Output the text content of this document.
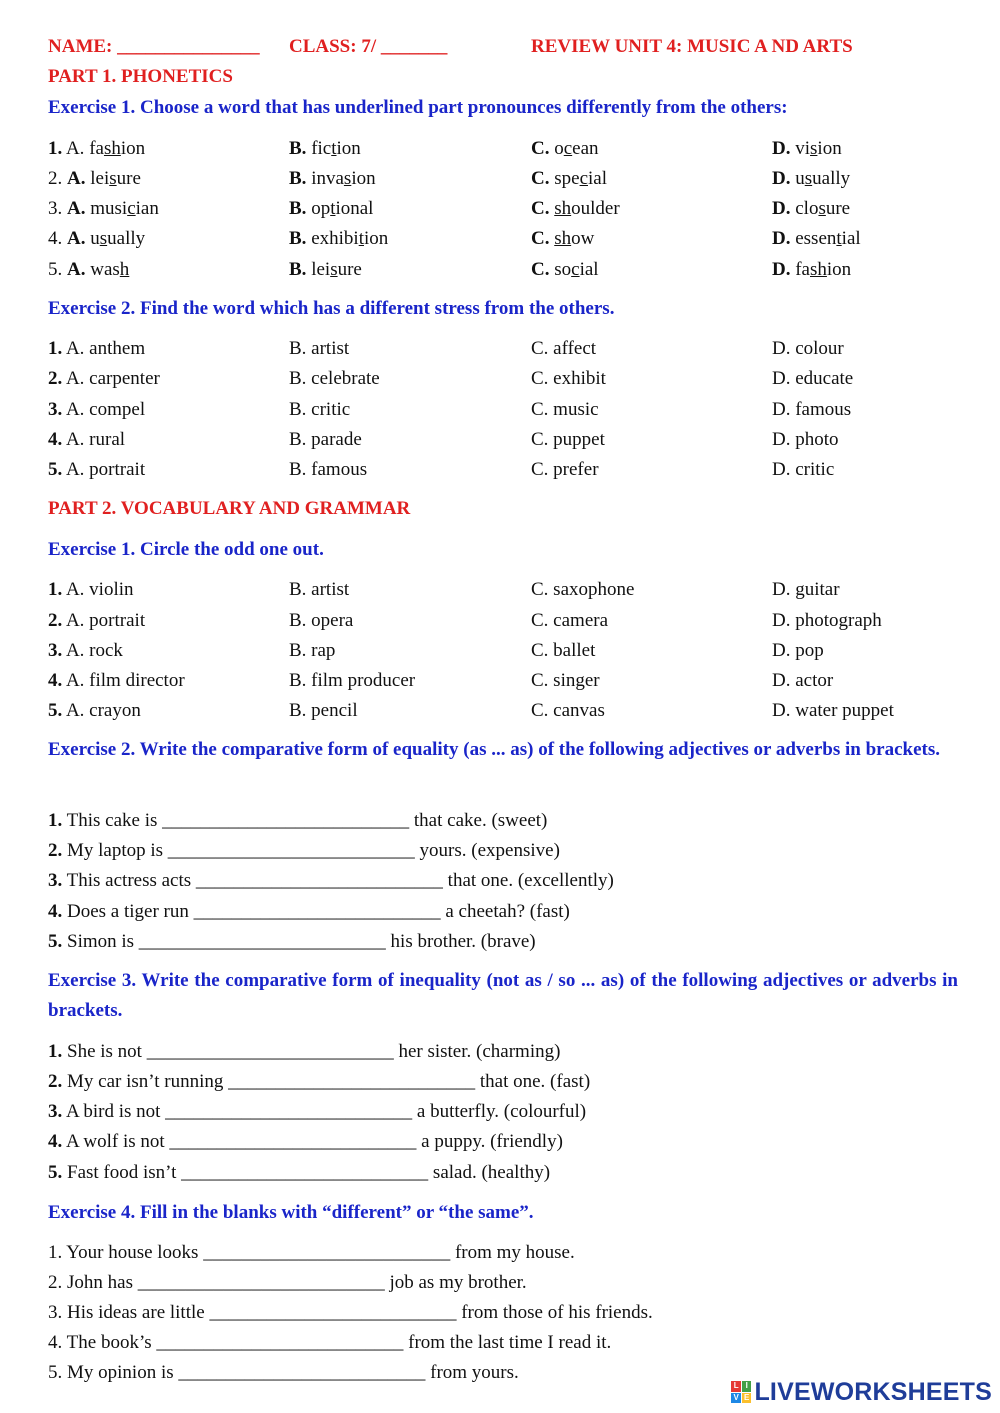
NAME: _______________ CLASS: 7/ _______	REVIEW UNIT 4: MUSIC A ND ARTS
PART 1. PHONETICS
Exercise 1. Choose a word that has underlined part pronounces differently from the others:
1. A. fashion	B. fiction	C. ocean	D. vision
2. A. leisure	B. invasion	C. special	D. usually
3. A. musician	B. optional	C. shoulder	D. closure
4. A. usually	B. exhibition	C. show	D. essential
5. A. wash	B. leisure	C. social	D. fashion
Exercise 2. Find the word which has a different stress from the others.
1. A. anthem	B. artist	C. affect	D. colour
2. A. carpenter	B. celebrate	C. exhibit	D. educate
3. A. compel	B. critic	C. music	D. famous
4. A. rural	B. parade	C. puppet	D. photo
5. A. portrait	B. famous	C. prefer	D. critic
PART 2. VOCABULARY AND GRAMMAR
Exercise 1. Circle the odd one out.
1. A. violin	B. artist	C. saxophone	D. guitar
2. A. portrait	B. opera	C. camera	D. photograph
3. A. rock	B. rap	C. ballet	D. pop
4. A. film director	B. film producer	C. singer	D. actor
5. A. crayon	B. pencil	C. canvas	D. water puppet
Exercise 2. Write the comparative form of equality (as ... as) of the following adjectives or adverbs in brackets.
1. This cake is __________________________ that cake. (sweet)
2. My laptop is __________________________ yours. (expensive)
3. This actress acts __________________________ that one. (excellently)
4. Does a tiger run __________________________ a cheetah? (fast)
5. Simon is __________________________ his brother. (brave)
Exercise 3. Write the comparative form of inequality (not as / so ... as) of the following adjectives or adverbs in brackets.
1. She is not __________________________ her sister. (charming)
2. My car isn’t running __________________________ that one. (fast)
3. A bird is not __________________________ a butterfly. (colourful)
4. A wolf is not __________________________ a puppy. (friendly)
5. Fast food isn’t __________________________ salad. (healthy)
Exercise 4. Fill in the blanks with “different” or “the same”.
1. Your house looks __________________________ from my house.
2. John has __________________________ job as my brother.
3. His ideas are little __________________________ from those of his friends.
4. The book’s __________________________ from the last time I read it.
5. My opinion is __________________________ from yours.
L I
V E LIVEWORKSHEETS
